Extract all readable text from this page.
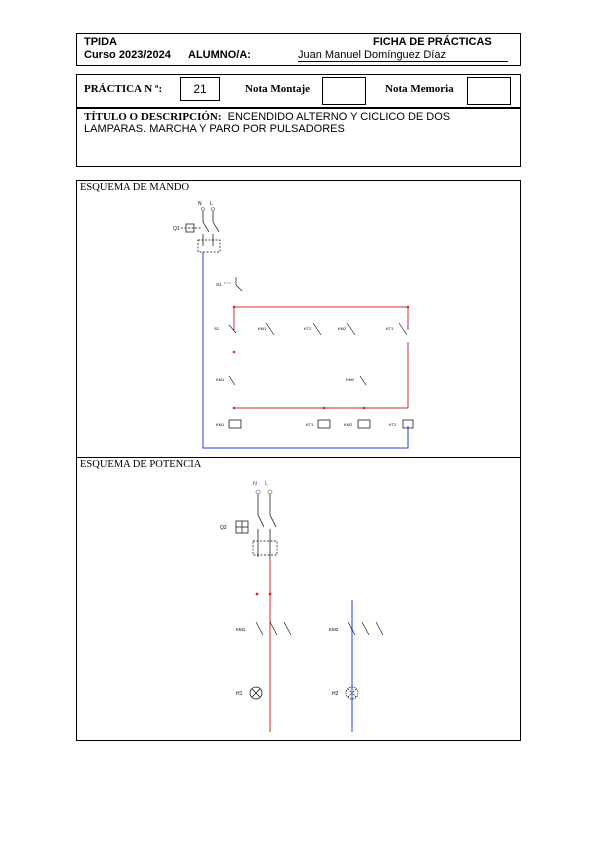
TPIDA	FICHA DE PRÁCTICAS
Curso 2023/2024 ALUMNO/A:	Juan Manuel Domínguez Díaz
PRÁCTICA N º:	21	Nota Montaje	Nota Memoria
TÍTULO O DESCRIPCIÓN: ENCENDIDO ALTERNO Y CICLICO DE DOS
LAMPARAS. MARCHA Y PARO POR PULSADORES
ESQUEMA DE MANDO
N L
Q1
S1
S2	KM1	KT2	KM2	KT1
KM1	KM2
KM1	KT1	KM2	KT2
ESQUEMA DE POTENCIA
N L
Q2
KM1	KM2
H1	H2
